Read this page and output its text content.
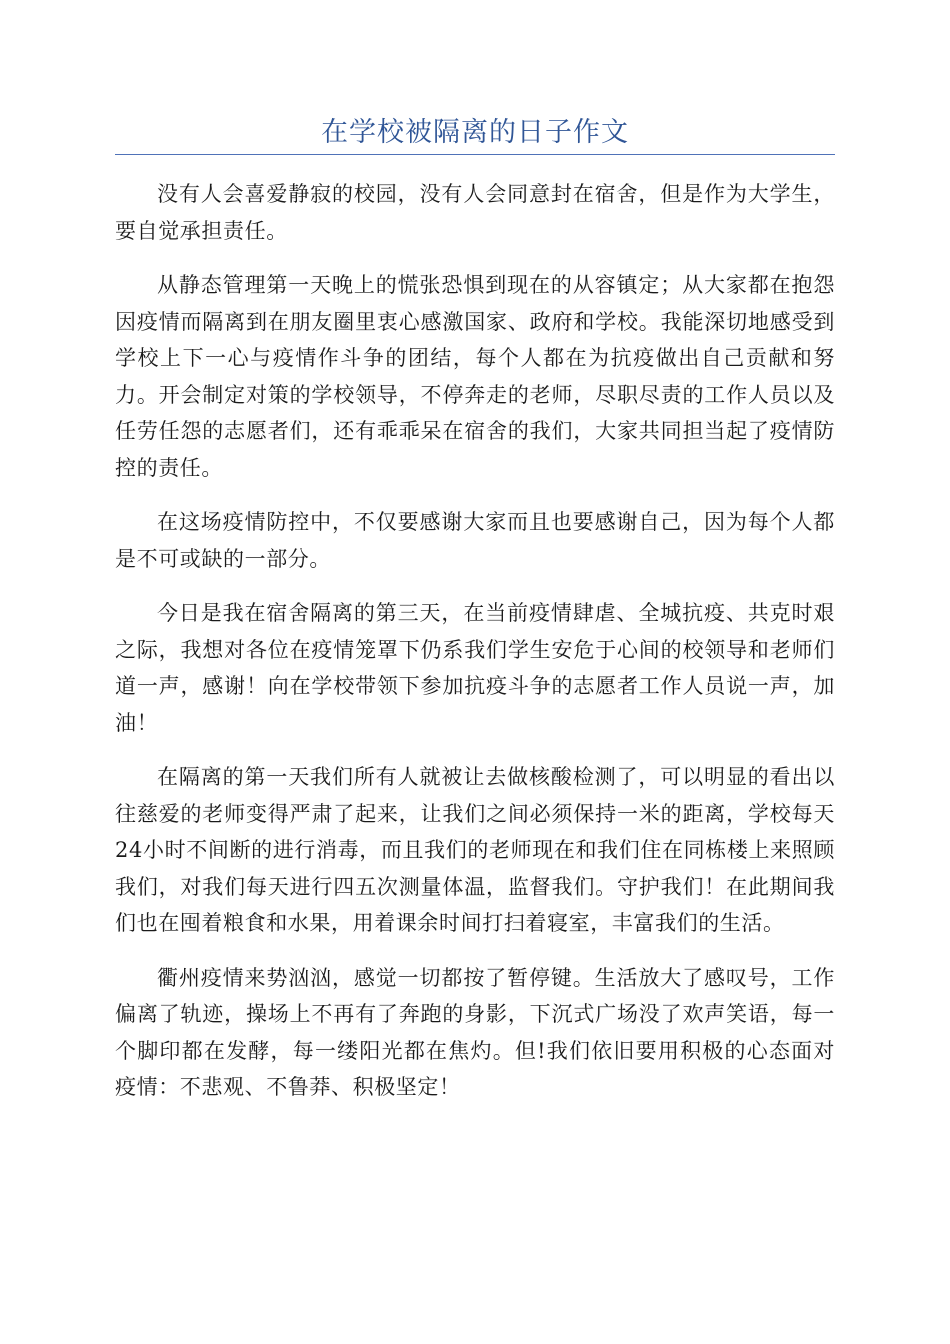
在学校被隔离的日子作文

没有人会喜爱静寂的校园，没有人会同意封在宿舍，但是作为大学生，要自觉承担责任。

从静态管理第一天晚上的慌张恐惧到现在的从容镇定；从大家都在抱怨因疫情而隔离到在朋友圈里衷心感激国家、政府和学校。我能深切地感受到学校上下一心与疫情作斗争的团结，每个人都在为抗疫做出自己贡献和努力。开会制定对策的学校领导，不停奔走的老师，尽职尽责的工作人员以及任劳任怨的志愿者们，还有乖乖呆在宿舍的我们，大家共同担当起了疫情防控的责任。

在这场疫情防控中，不仅要感谢大家而且也要感谢自己，因为每个人都是不可或缺的一部分。

今日是我在宿舍隔离的第三天，在当前疫情肆虐、全城抗疫、共克时艰之际，我想对各位在疫情笼罩下仍系我们学生安危于心间的校领导和老师们道一声，感谢！向在学校带领下参加抗疫斗争的志愿者工作人员说一声，加油！

在隔离的第一天我们所有人就被让去做核酸检测了，可以明显的看出以往慈爱的老师变得严肃了起来，让我们之间必须保持一米的距离，学校每天24小时不间断的进行消毒，而且我们的老师现在和我们住在同栋楼上来照顾我们，对我们每天进行四五次测量体温，监督我们。守护我们！在此期间我们也在囤着粮食和水果，用着课余时间打扫着寝室，丰富我们的生活。

衢州疫情来势汹汹，感觉一切都按了暂停键。生活放大了感叹号，工作偏离了轨迹，操场上不再有了奔跑的身影，下沉式广场没了欢声笑语，每一个脚印都在发酵，每一缕阳光都在焦灼。但!我们依旧要用积极的心态面对疫情：不悲观、不鲁莽、积极坚定！
